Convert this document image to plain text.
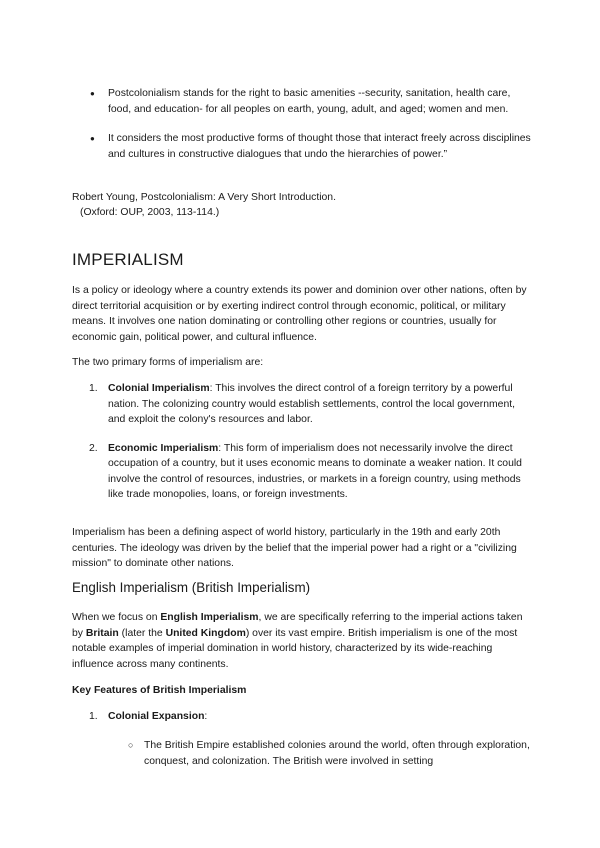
● Postcolonialism stands for the right to basic amenities --security, sanitation, health care, food, and education- for all peoples on earth, young, adult, and aged; women and men.
● It considers the most productive forms of thought those that interact freely across disciplines and cultures in constructive dialogues that undo the hierarchies of power.”

Robert Young, Postcolonialism: A Very Short Introduction.

(Oxford: OUP, 2003, 113-114.)

IMPERIALISM

Is a policy or ideology where a country extends its power and dominion over other nations, often by direct territorial acquisition or by exerting indirect control through economic, political, or military means. It involves one nation dominating or controlling other regions or countries, usually for economic gain, political power, and cultural influence.

The two primary forms of imperialism are:

1. Colonial Imperialism: This involves the direct control of a foreign territory by a powerful nation. The colonizing country would establish settlements, control the local government, and exploit the colony's resources and labor.
2. Economic Imperialism: This form of imperialism does not necessarily involve the direct occupation of a country, but it uses economic means to dominate a weaker nation. It could involve the control of resources, industries, or markets in a foreign country, using methods like trade monopolies, loans, or foreign investments.

Imperialism has been a defining aspect of world history, particularly in the 19th and early 20th centuries. The ideology was driven by the belief that the imperial power had a right or a "civilizing mission" to dominate other nations.

English Imperialism (British Imperialism)

When we focus on English Imperialism, we are specifically referring to the imperial actions taken by Britain (later the United Kingdom) over its vast empire. British imperialism is one of the most notable examples of imperial domination in world history, characterized by its wide-reaching influence across many continents.

Key Features of British Imperialism

1. Colonial Expansion:
○ The British Empire established colonies around the world, often through exploration, conquest, and colonization. The British were involved in setting
